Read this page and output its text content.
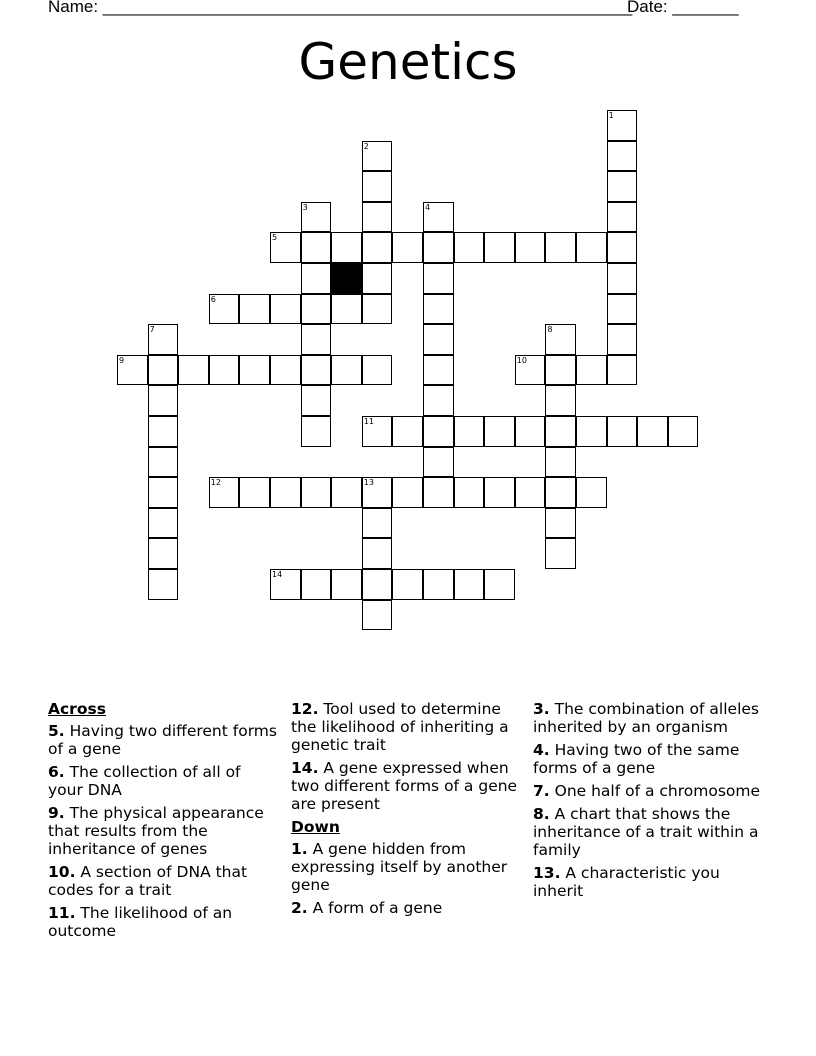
Name: ________________________________________________________
Date: _______
Genetics
1
2
3	4
5
6
7	8
9	10
11
12	13
14
Across
5. Having two different forms of a gene
6. The collection of all of your DNA
9. The physical appearance that results from the inheritance of genes
10. A section of DNA that codes for a trait
11. The likelihood of an outcome
12. Tool used to determine the likelihood of inheriting a genetic trait
14. A gene expressed when two different forms of a gene are present
Down
1. A gene hidden from expressing itself by another gene
2. A form of a gene
3. The combination of alleles inherited by an organism
4. Having two of the same forms of a gene
7. One half of a chromosome
8. A chart that shows the inheritance of a trait within a family
13. A characteristic you inherit
